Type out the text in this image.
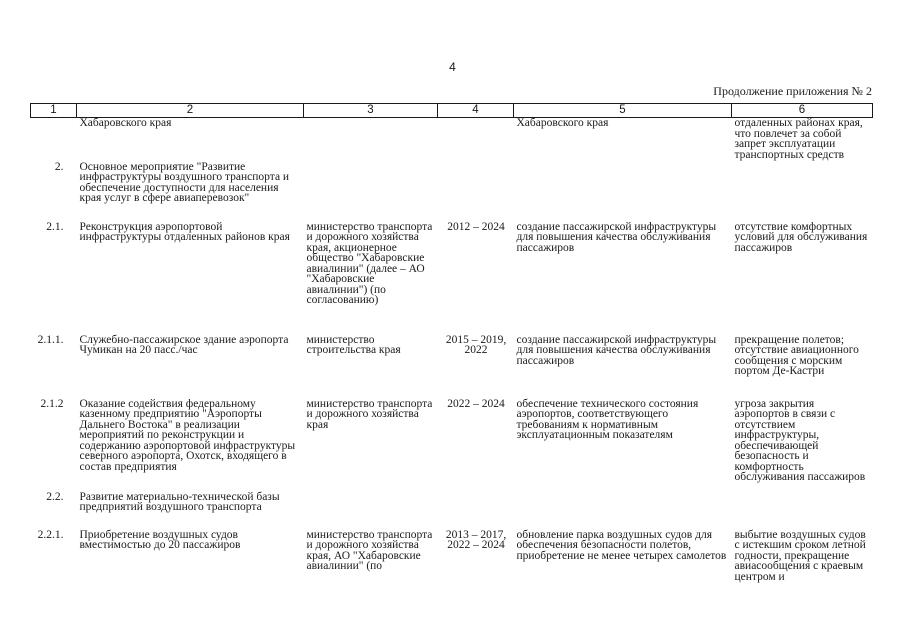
4
Продолжение приложения № 2
1	2	3	4	5	6
	Хабаровского края			Хабаровского края	отдаленных районах края, что повлечет за собой запрет эксплуатации транспортных средств
2.	Основное мероприятие "Развитие инфраструктуры воздушного транспорта и обеспечение доступности для населения края услуг в сфере авиаперевозок"				
2.1.	Реконструкция аэропортовой инфраструктуры отдаленных районов края	министерство транспорта и дорожного хозяйства края, акционерное общество "Хабаровские авиалинии" (далее – АО "Хабаровские авиалинии") (по согласованию)	2012 – 2024	создание пассажирской инфраструктуры для повышения качества обслуживания пассажиров	отсутствие комфортных условий для обслуживания пассажиров
2.1.1.	Служебно-пассажирское здание аэропорта Чумикан на 20 пасс./час	министерство строительства края	2015 – 2019, 2022	создание пассажирской инфраструктуры для повышения качества обслуживания пассажиров	прекращение полетов; отсутствие авиационного сообщения с морским портом Де-Кастри
2.1.2	Оказание содействия федеральному казенному предприятию "Аэропорты Дальнего Востока" в реализации мероприятий по реконструкции и содержанию аэропортовой инфраструктуры северного аэропорта, Охотск, входящего в состав предприятия	министерство транспорта и дорожного хозяйства края	2022 – 2024	обеспечение технического состояния аэропортов, соответствующего требованиям к нормативным эксплуатационным показателям	угроза закрытия аэропортов в связи с отсутствием инфраструктуры, обеспечивающей безопасность и комфортность обслуживания пассажиров
2.2.	Развитие материально-технической базы предприятий воздушного транспорта				
2.2.1.	Приобретение воздушных судов вместимостью до 20 пассажиров	министерство транспорта и дорожного хозяйства края, АО "Хабаровские авиалинии" (по	2013 – 2017, 2022 – 2024	обновление парка воздушных судов для обеспечения безопасности полетов, приобретение не менее четырех самолетов	выбытие воздушных судов с истекшим сроком летной годности, прекращение авиасообщения с краевым центром и
